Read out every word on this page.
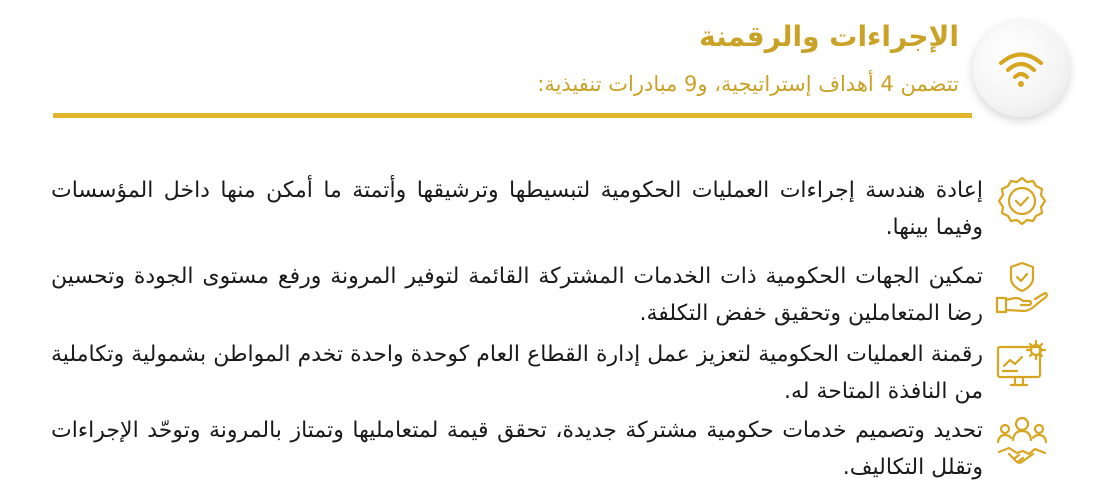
الإجراءات والرقمنة
تتضمن 4 أهداف إستراتيجية، و9 مبادرات تنفيذية:
إعادة هندسة إجراءات العمليات الحكومية لتبسيطها وترشيقها وأتمتة ما أمكن منها داخل المؤسسات وفيما بينها.
تمكين الجهات الحكومية ذات الخدمات المشتركة القائمة لتوفير المرونة ورفع مستوى الجودة وتحسين رضا المتعاملين وتحقيق خفض التكلفة.
رقمنة العمليات الحكومية لتعزيز عمل إدارة القطاع العام كوحدة واحدة تخدم المواطن بشمولية وتكاملية من النافذة المتاحة له.
تحديد وتصميم خدمات حكومية مشتركة جديدة، تحقق قيمة لمتعامليها وتمتاز بالمرونة وتوحّد الإجراءات وتقلل التكاليف.
